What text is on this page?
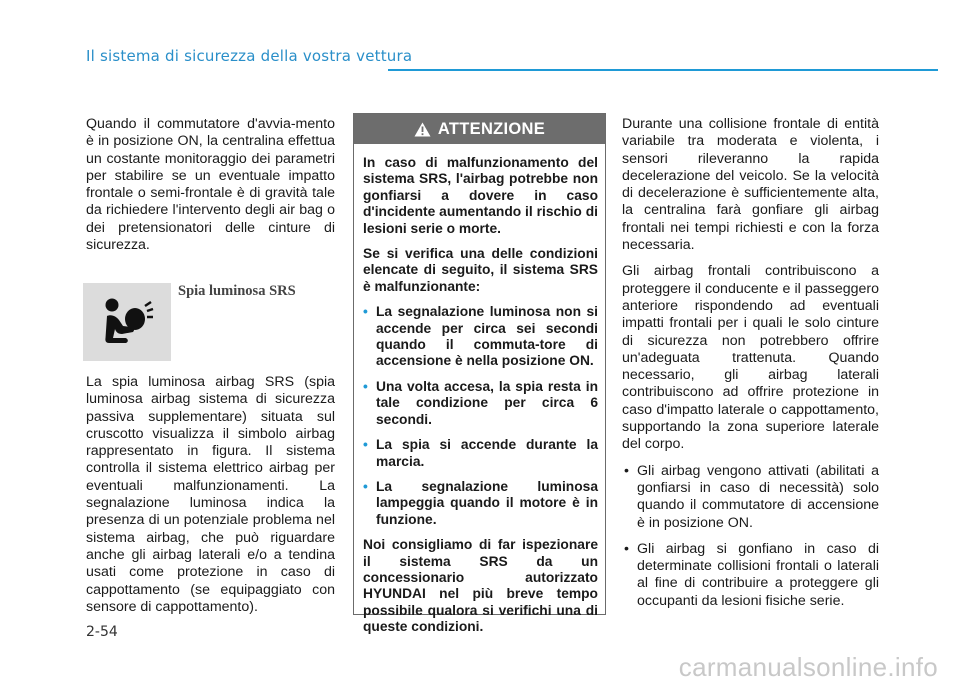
Il sistema di sicurezza della vostra vettura

Quando il commutatore d'avvia-mento è in posizione ON, la centralina effettua un costante monitoraggio dei parametri per stabilire se un eventuale impatto frontale o semi-frontale è di gravità tale da richiedere l'intervento degli air bag o dei pretensionatori delle cinture di sicurezza.

Spia luminosa SRS

La spia luminosa airbag SRS (spia luminosa airbag sistema di sicurezza passiva supplementare) situata sul cruscotto visualizza il simbolo airbag rappresentato in figura. Il sistema controlla il sistema elettrico airbag per eventuali malfunzionamenti. La segnalazione luminosa indica la presenza di un potenziale problema nel sistema airbag, che può riguardare anche gli airbag laterali e/o a tendina usati come protezione in caso di cappottamento (se equipaggiato con sensore di cappottamento).

ATTENZIONE

In caso di malfunzionamento del sistema SRS, l'airbag potrebbe non gonfiarsi a dovere in caso d'incidente aumentando il rischio di lesioni serie o morte.

Se si verifica una delle condizioni elencate di seguito, il sistema SRS è malfunzionante:

• La segnalazione luminosa non si accende per circa sei secondi quando il commuta-tore di accensione è nella posizione ON.
• Una volta accesa, la spia resta in tale condizione per circa 6 secondi.
• La spia si accende durante la marcia.
• La segnalazione luminosa lampeggia quando il motore è in funzione.

Noi consigliamo di far ispezionare il sistema SRS da un concessionario autorizzato HYUNDAI nel più breve tempo possibile qualora si verifichi una di queste condizioni.

Durante una collisione frontale di entità variabile tra moderata e violenta, i sensori rileveranno la rapida decelerazione del veicolo. Se la velocità di decelerazione è sufficientemente alta, la centralina farà gonfiare gli airbag frontali nei tempi richiesti e con la forza necessaria.

Gli airbag frontali contribuiscono a proteggere il conducente e il passeggero anteriore rispondendo ad eventuali impatti frontali per i quali le solo cinture di sicurezza non potrebbero offrire un'adeguata trattenuta. Quando necessario, gli airbag laterali contribuiscono ad offrire protezione in caso d'impatto laterale o cappottamento, supportando la zona superiore laterale del corpo.

• Gli airbag vengono attivati (abilitati a gonfiarsi in caso di necessità) solo quando il commutatore di accensione è in posizione ON.
• Gli airbag si gonfiano in caso di determinate collisioni frontali o laterali al fine di contribuire a proteggere gli occupanti da lesioni fisiche serie.
2-54
carmanualsonline.info
